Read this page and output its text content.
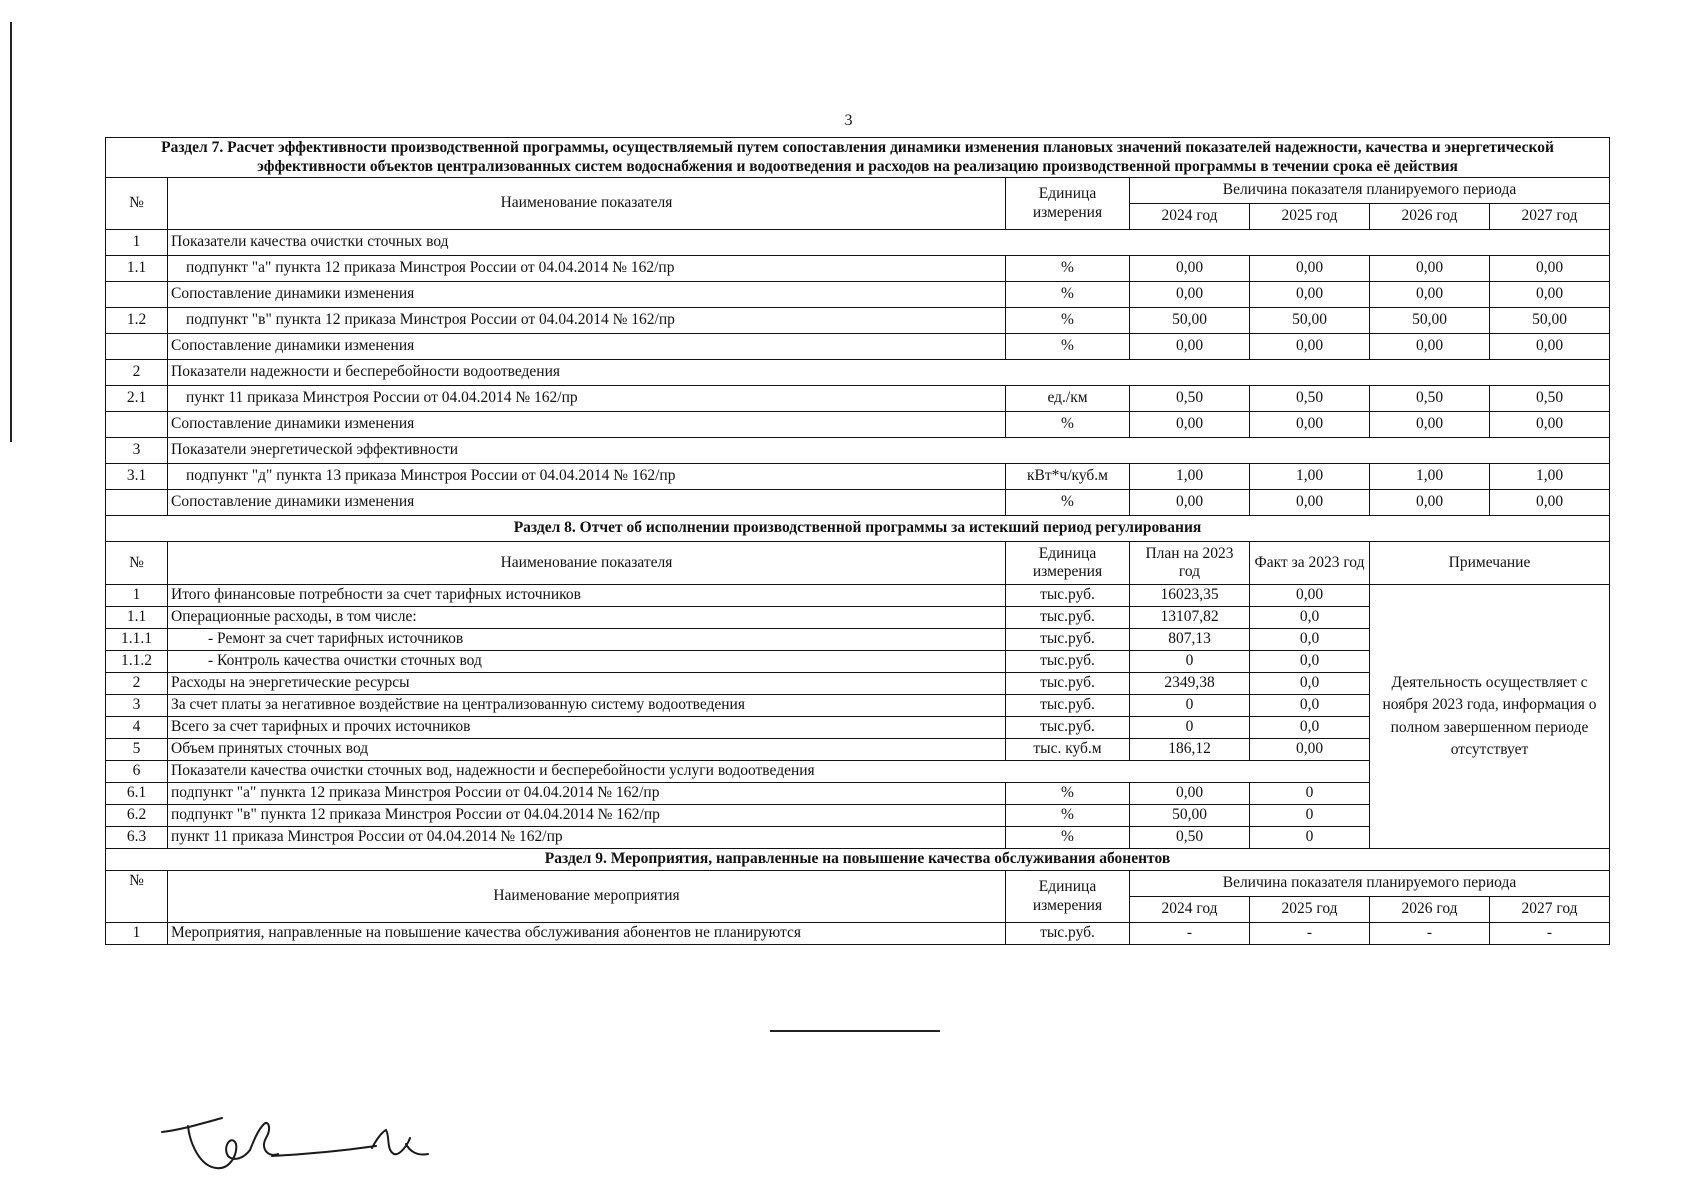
3
Раздел 7. Расчет эффективности производственной программы, осуществляемый путем сопоставления динамики изменения плановых значений показателей надежности, качества и энергетической эффективности объектов централизованных систем водоснабжения и водоотведения и расходов на реализацию производственной программы в течении срока её действия						
№	Наименование показателя	Единица измерения	Величина показателя планируемого периода			
			2024 год	2025 год	2026 год	2027 год
1	Показатели качества очистки сточных вод					
1.1	подпункт "а" пункта 12 приказа Минстроя России от 04.04.2014 № 162/пр	%	0,00	0,00	0,00	0,00
	Сопоставление динамики изменения	%	0,00	0,00	0,00	0,00
1.2	подпункт "в" пункта 12 приказа Минстроя России от 04.04.2014 № 162/пр	%	50,00	50,00	50,00	50,00
	Сопоставление динамики изменения	%	0,00	0,00	0,00	0,00
2	Показатели надежности и бесперебойности водоотведения					
2.1	пункт 11 приказа Минстроя России от 04.04.2014 № 162/пр	ед./км	0,50	0,50	0,50	0,50
	Сопоставление динамики изменения	%	0,00	0,00	0,00	0,00
3	Показатели энергетической эффективности					
3.1	подпункт "д" пункта 13 приказа Минстроя России от 04.04.2014 № 162/пр	кВт*ч/куб.м	1,00	1,00	1,00	1,00
	Сопоставление динамики изменения	%	0,00	0,00	0,00	0,00
Раздел 8. Отчет об исполнении производственной программы за истекший период регулирования						
№	Наименование показателя	Единица измерения	План на 2023 год	Факт за 2023 год	Примечание	
1	Итого финансовые потребности за счет тарифных источников	тыс.руб.	16023,35	0,00	Деятельность осуществляет с ноября 2023 года, информация о полном завершенном периоде отсутствует	
1.1	Операционные расходы, в том числе:	тыс.руб.	13107,82	0,0		
1.1.1	- Ремонт за счет тарифных источников	тыс.руб.	807,13	0,0		
1.1.2	- Контроль качества очистки сточных вод	тыс.руб.	0	0,0		
2	Расходы на энергетические ресурсы	тыс.руб.	2349,38	0,0		
3	За счет платы за негативное воздействие на централизованную систему водоотведения	тыс.руб.	0	0,0		
4	Всего за счет тарифных и прочих источников	тыс.руб.	0	0,0		
5	Объем принятых сточных вод	тыс. куб.м	186,12	0,00		
6	Показатели качества очистки сточных вод, надежности и бесперебойности услуги водоотведения					
6.1	подпункт "а" пункта 12 приказа Минстроя России от 04.04.2014 № 162/пр	%	0,00	0		
6.2	подпункт "в" пункта 12 приказа Минстроя России от 04.04.2014 № 162/пр	%	50,00	0		
6.3	пункт 11 приказа Минстроя России от 04.04.2014 № 162/пр	%	0,50	0		
Раздел 9. Мероприятия, направленные на повышение качества обслуживания абонентов						
№	Наименование мероприятия	Единица измерения	Величина показателя планируемого периода			
			2024 год	2025 год	2026 год	2027 год
1	Мероприятия, направленные на повышение качества обслуживания абонентов не планируются	тыс.руб.	-	-	-	-
